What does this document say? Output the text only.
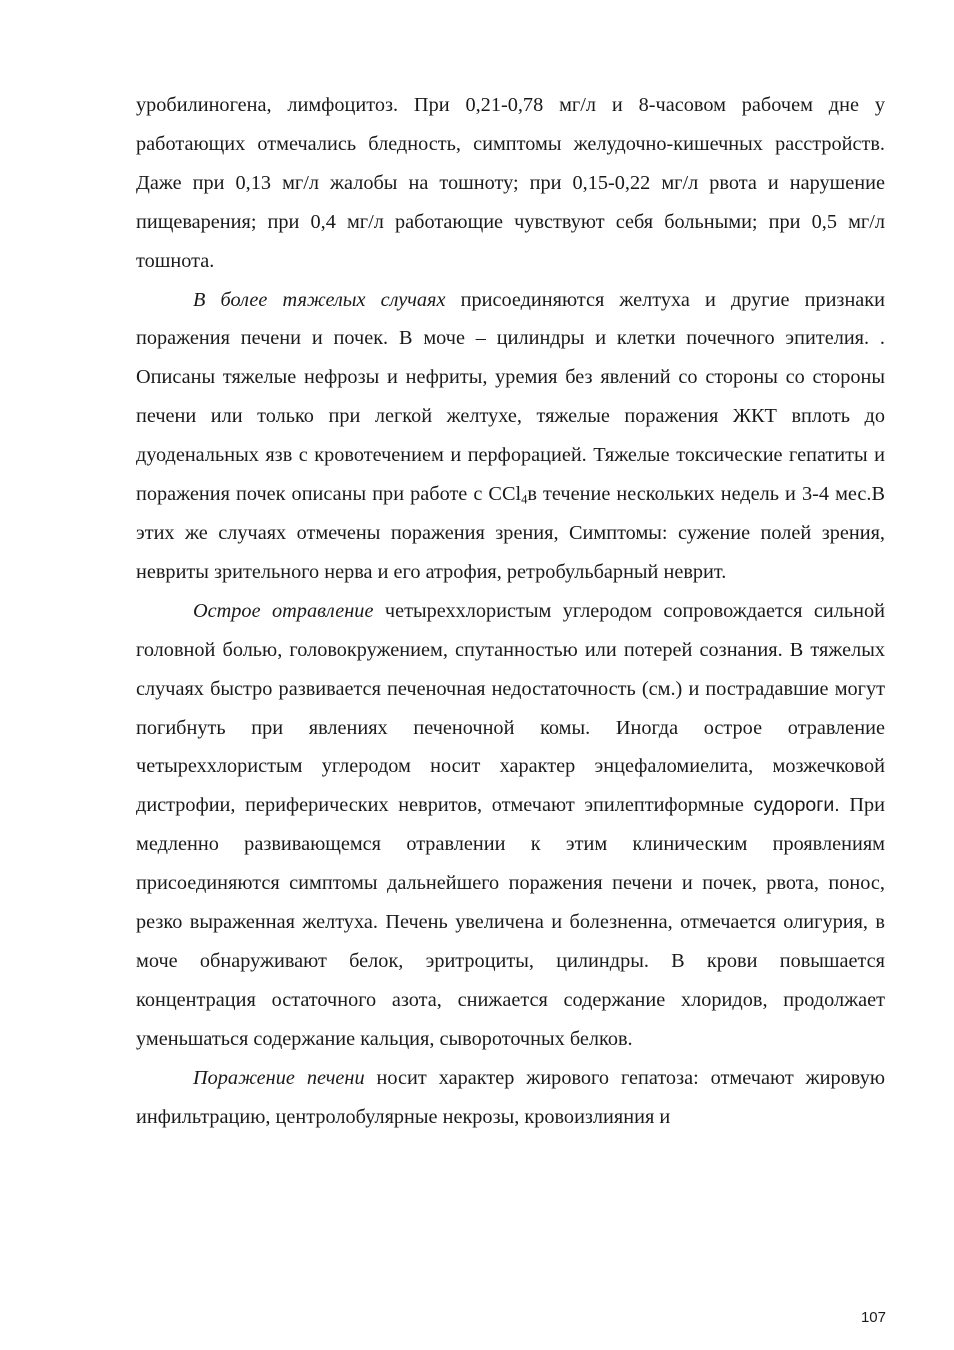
уробилиногена, лимфоцитоз. При 0,21-0,78 мг/л и 8-часовом рабочем дне у работающих отмечались бледность, симптомы желудочно-кишечных расстройств. Даже при 0,13 мг/л жалобы на тошноту; при 0,15-0,22 мг/л рвота и нарушение пищеварения; при 0,4 мг/л работающие чувствуют себя больными; при 0,5 мг/л тошнота.

В более тяжелых случаях присоединяются желтуха и другие признаки поражения печени и почек. В моче – цилиндры и клетки почечного эпителия. . Описаны тяжелые нефрозы и нефриты, уремия без явлений со стороны со стороны печени или только при легкой желтухе, тяжелые поражения ЖКТ вплоть до дуоденальных язв с кровотечением и перфорацией. Тяжелые токсические гепатиты и поражения почек описаны при работе с CCl$_4$в течение нескольких недель и 3-4 мес.В этих же случаях отмечены поражения зрения, Симптомы: сужение полей зрения, невриты зрительного нерва и его атрофия, ретробульбарный неврит.

Острое отравление четыреххлористым углеродом сопровождается сильной головной болью, головокружением, спутанностью или потерей сознания. В тяжелых случаях быстро развивается печеночная недостаточность (см.) и пострадавшие могут погибнуть при явлениях печеночной комы. Иногда острое отравление четыреххлористым углеродом носит характер энцефаломиелита, мозжечковой дистрофии, периферических невритов, отмечают эпилептиформные судороги. При медленно развивающемся отравлении к этим клиническим проявлениям присоединяются симптомы дальнейшего поражения печени и почек, рвота, понос, резко выраженная желтуха. Печень увеличена и болезненна, отмечается олигурия, в моче обнаруживают белок, эритроциты, цилиндры. В крови повышается концентрация остаточного азота, снижается содержание хлоридов, продолжает уменьшаться содержание кальция, сывороточных белков.

Поражение печени носит характер жирового гепатоза: отмечают жировую инфильтрацию, центролобулярные некрозы, кровоизлияния и

107
